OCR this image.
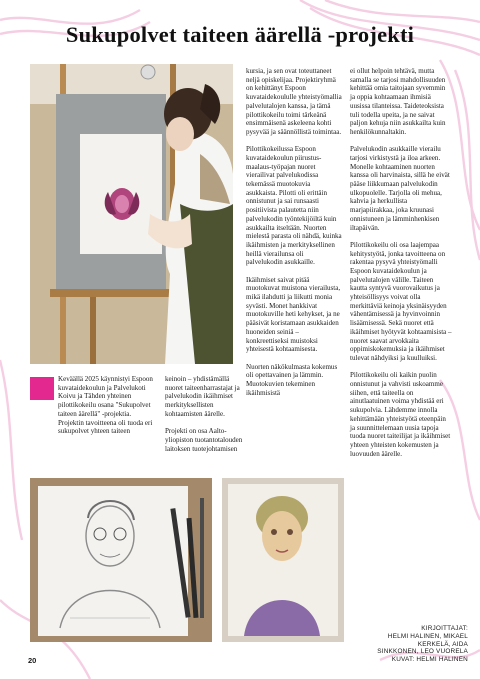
Sukupolvet taiteen äärellä -projekti

Keväällä 2025 käynnistyi Espoon kuvataidekoulun ja Palvelukoti Koivu ja Tähden yhteinen pilottikokeilu osana "Sukupolvet taiteen äärellä" -projektia. Projektin tavoitteena oli tuoda eri sukupolvet yhteen taiteen

keinoin – yhdistämällä nuoret taiteenharrastajat ja palvelukodin ikäihmiset merkityksellisten kohtaamisten äärelle.

Projekti on osa Aalto-yliopiston tuotantotalouden laitoksen tuotejohtamisen

kursia, ja sen ovat toteuttaneet neljä opiskelijaa. Projektiryhmä on kehittänyt Espoon kuvataidekoululle yhteistyömallia palvelutalojen kanssa, ja tämä pilottikokeilu toimi tärkeänä ensimmäisenä askeleena kohti pysyvää ja säännöllistä toimintaa.

Pilottikokeilussa Espoon kuvataidekoulun piirustus- maalaus-työpajan nuoret vierailivat palvelukodissa tekemässä muotokuvia asukkaista. Pilotti oli erittäin onnistunut ja sai runsaasti positiivista palautetta niin palvelukodin työntekijöiltä kuin asukkailta itseltään. Nuorten mielestä parasta oli nähdä, kuinka ikäihmisten ja merkityksellinen heillä vierailunsa oli palvelukodin asukkaille.

Ikäihmiset saivat pitää muotokuvat muistona vierailusta, mikä ilahdutti ja liikutti monia syvästi. Monet hankkivat muotokuville heti kehykset, ja ne pääsivät koristamaan asukkaiden huoneiden seiniä – konkreettiseksi muistoksi yhteisestä kohtaamisesta.

Nuorten näkökulmasta kokemus oli opettavainen ja lämmin. Muotokuvien tekeminen ikäihmisistä

ei ollut helpoin tehtävä, mutta samalla se tarjosi mahdollisuuden kehittää omia taitojaan syvemmin ja oppia kohtaamaan ihmisiä uusissa tilanteissa. Taideteoksista tuli todella upeita, ja ne saivat paljon kehuja niin asukkailta kuin henkilökunnaltakin.

Palvelukodin asukkaille vierailu tarjosi virkistystä ja iloa arkeen. Monelle kohtaaminen nuorten kanssa oli harvinaista, sillä he eivät pääse liikkumaan palvelukodin ulkopuolelle. Tarjolla oli mehua, kahvia ja herkullista marjapiirakkaa, joka kruunasi onnistuneen ja lämminhenkisen iltapäivän.

Pilottikokeilu oli osa laajempaa kehitystyötä, jonka tavoitteena on rakentaa pysyvä yhteistyömalli Espoon kuvataidekoulun ja palvelutalojen välille. Taiteen kautta syntyvä vuorovaikutus ja yhteisöllisyys voivat olla merkittäviä keinoja yksinäisyyden vähentämisessä ja hyvinvoinnin lisäämisessä. Sekä nuoret että ikäihmiset hyötyvät kohtaamisista – nuoret saavat arvokkaita oppimiskokemuksia ja ikäihmiset tulevat nähdyiksi ja kuulluiksi.

Pilottikokeilu oli kaikin puolin onnistunut ja vahvisti uskoamme siihen, että taiteella on ainutlaatuinen voima yhdistää eri sukupolvia. Lähdemme innolla kehittämään yhteistyötä eteenpäin ja suunnittelemaan uusia tapoja tuoda nuoret taiteilijat ja ikäihmiset yhteen yhteisten kokemusten ja luovuuden äärelle.

KIRJOITTAJAT:
HELMI HALINEN, MIKAEL
KERKELÄ, AIDA
SINKKONEN, LEO VUORELA
KUVAT: HELMI HALINEN
20
